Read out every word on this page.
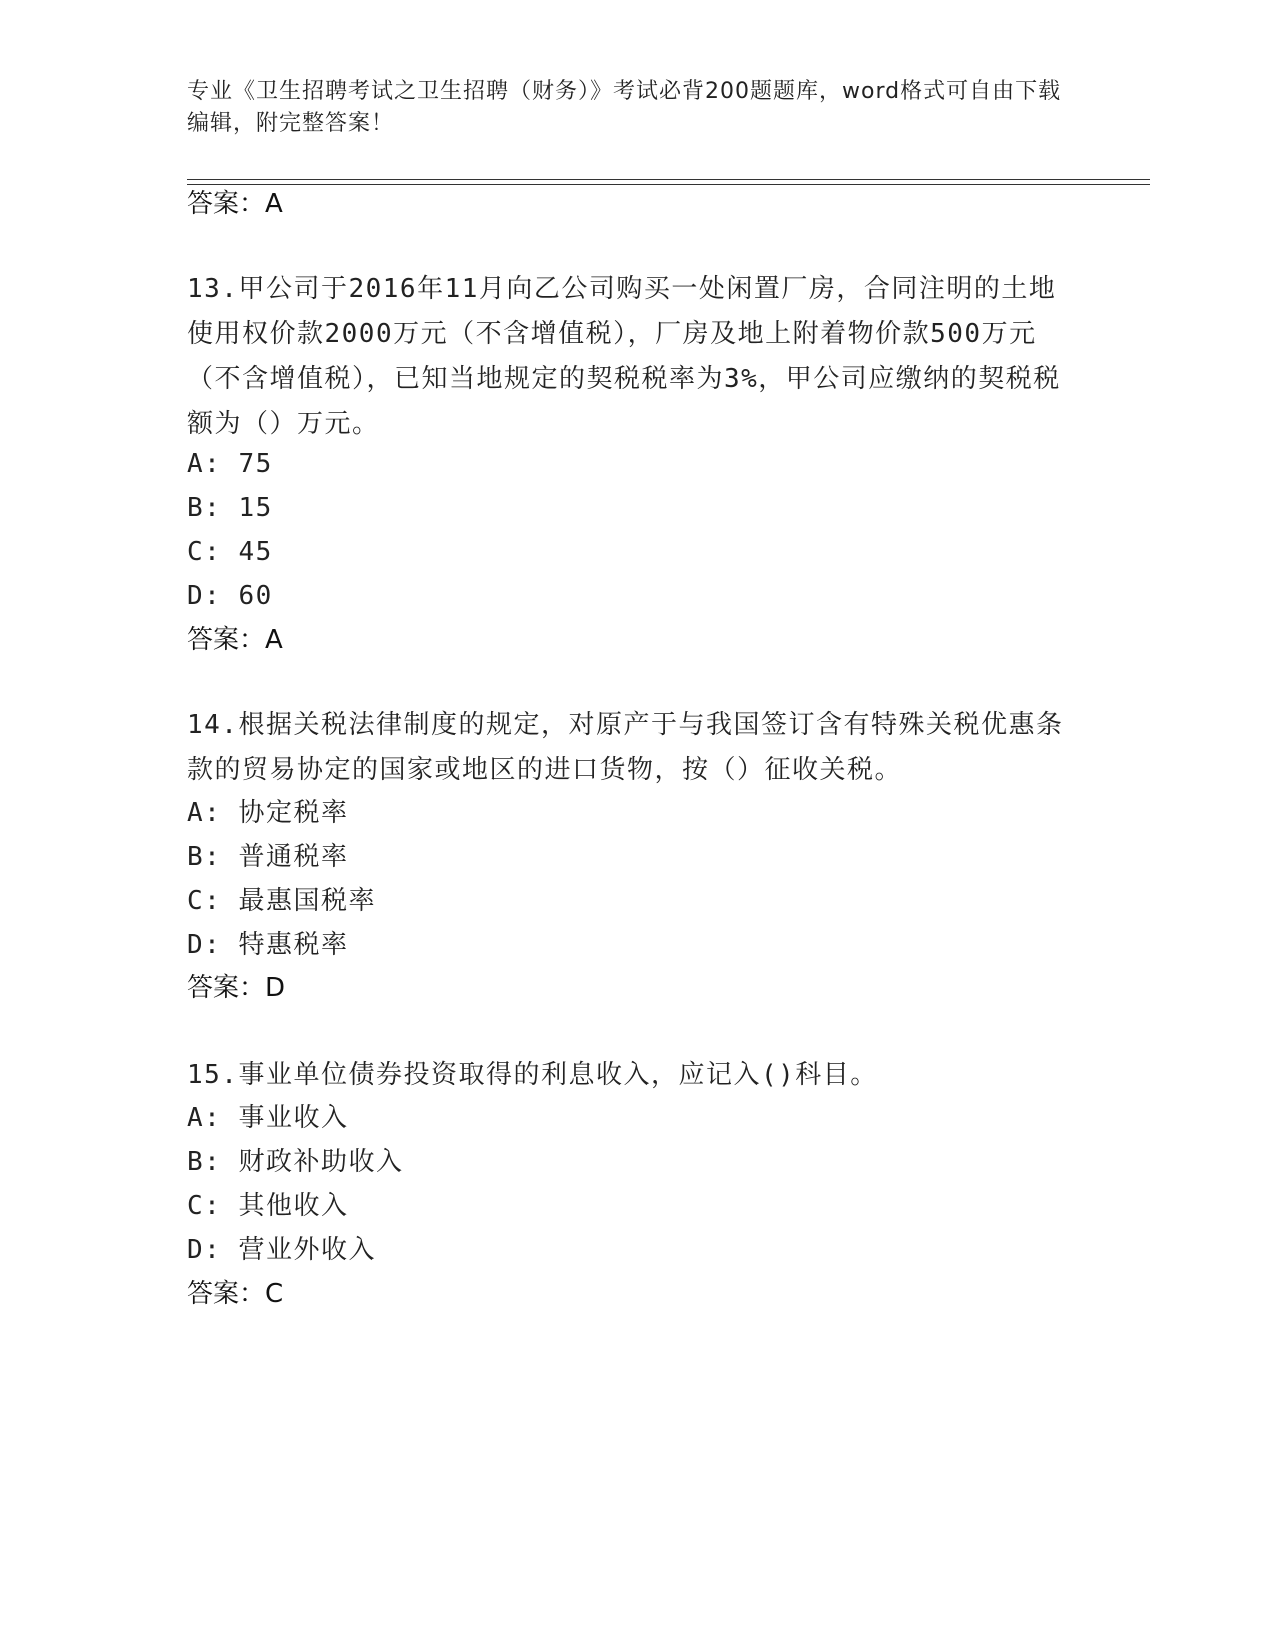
专业《卫生招聘考试之卫生招聘（财务）》考试必背200题题库，word格式可自由下载编辑，附完整答案！
答案：A
13.甲公司于2016年11月向乙公司购买一处闲置厂房，合同注明的土地使用权价款2000万元（不含增值税），厂房及地上附着物价款500万元（不含增值税），已知当地规定的契税税率为3%，甲公司应缴纳的契税税额为（）万元。
A: 75
B: 15
C: 45
D: 60
答案：A
14.根据关税法律制度的规定，对原产于与我国签订含有特殊关税优惠条款的贸易协定的国家或地区的进口货物，按（）征收关税。
A: 协定税率
B: 普通税率
C: 最惠国税率
D: 特惠税率
答案：D
15.事业单位债券投资取得的利息收入，应记入()科目。
A: 事业收入
B: 财政补助收入
C: 其他收入
D: 营业外收入
答案：C
